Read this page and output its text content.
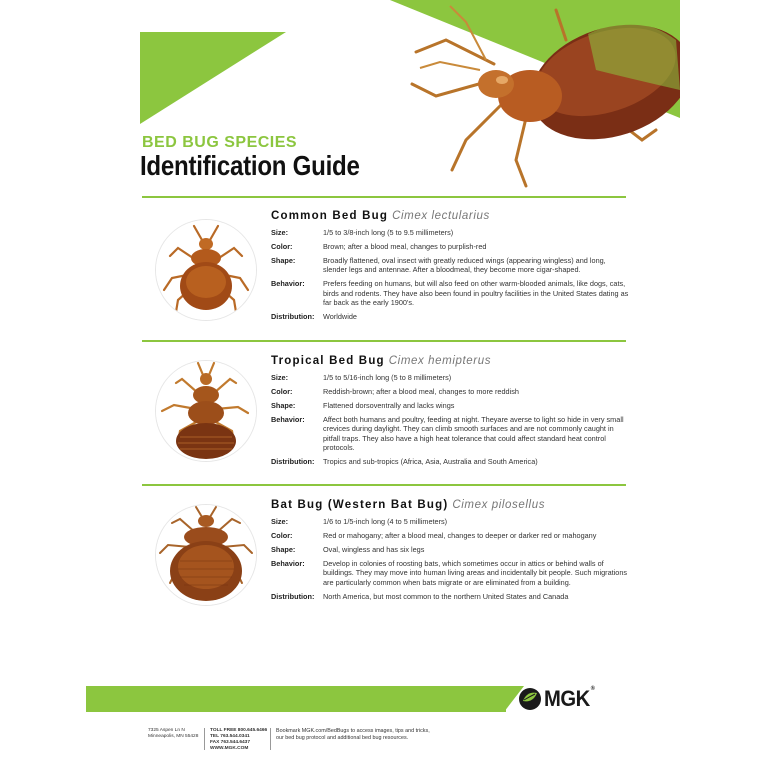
BED BUG SPECIES
Identification Guide
Common Bed Bug Cimex lectularius
Size:	1/5 to 3/8-inch long (5 to 9.5 millimeters)
Color:	Brown; after a blood meal, changes to purplish-red
Shape:	Broadly flattened, oval insect with greatly reduced wings (appearing wingless) and long, slender legs and antennae. After a bloodmeal, they become more cigar-shaped.
Behavior:	Prefers feeding on humans, but will also feed on other warm-blooded animals, like dogs, cats, birds and rodents. They have also been found in poultry facilities in the United States dating as far back as the early 1900's.
Distribution:	Worldwide
Tropical Bed Bug Cimex hemipterus
Size:	1/5 to 5/16-inch long (5 to 8 millimeters)
Color:	Reddish-brown; after a blood meal, changes to more reddish
Shape:	Flattened dorsoventrally and lacks wings
Behavior:	Affect both humans and poultry, feeding at night. Theyare averse to light so hide in very small crevices during daylight. They can climb smooth surfaces and are not commonly caught in pitfall traps. They also have a high heat tolerance that could affect standard heat control protocols.
Distribution:	Tropics and sub-tropics (Africa, Asia, Australia and South America)
Bat Bug (Western Bat Bug) Cimex pilosellus
Size:	1/6 to 1/5-inch long (4 to 5 millimeters)
Color:	Red or mahogany; after a blood meal, changes to deeper or darker red or mahogany
Shape:	Oval, wingless and has six legs
Behavior:	Develop in colonies of roosting bats, which sometimes occur in attics or behind walls of buildings. They may move into human living areas and incidentally bit people. Such migrations are particularly common when bats migrate or are eliminated from a building.
Distribution:	North America, but most common to the northern United States and Canada
MGK®
7325 Aspen Ln N
Minneapolis, MN 55428
TOLL FREE 800.645.6466
TEL 763.544.0341
FAX 763.544.6437
WWW.MGK.COM
Bookmark MGK.com/BedBugs to access images, tips and tricks,
our bed bug protocol and additional bed bug resources.
